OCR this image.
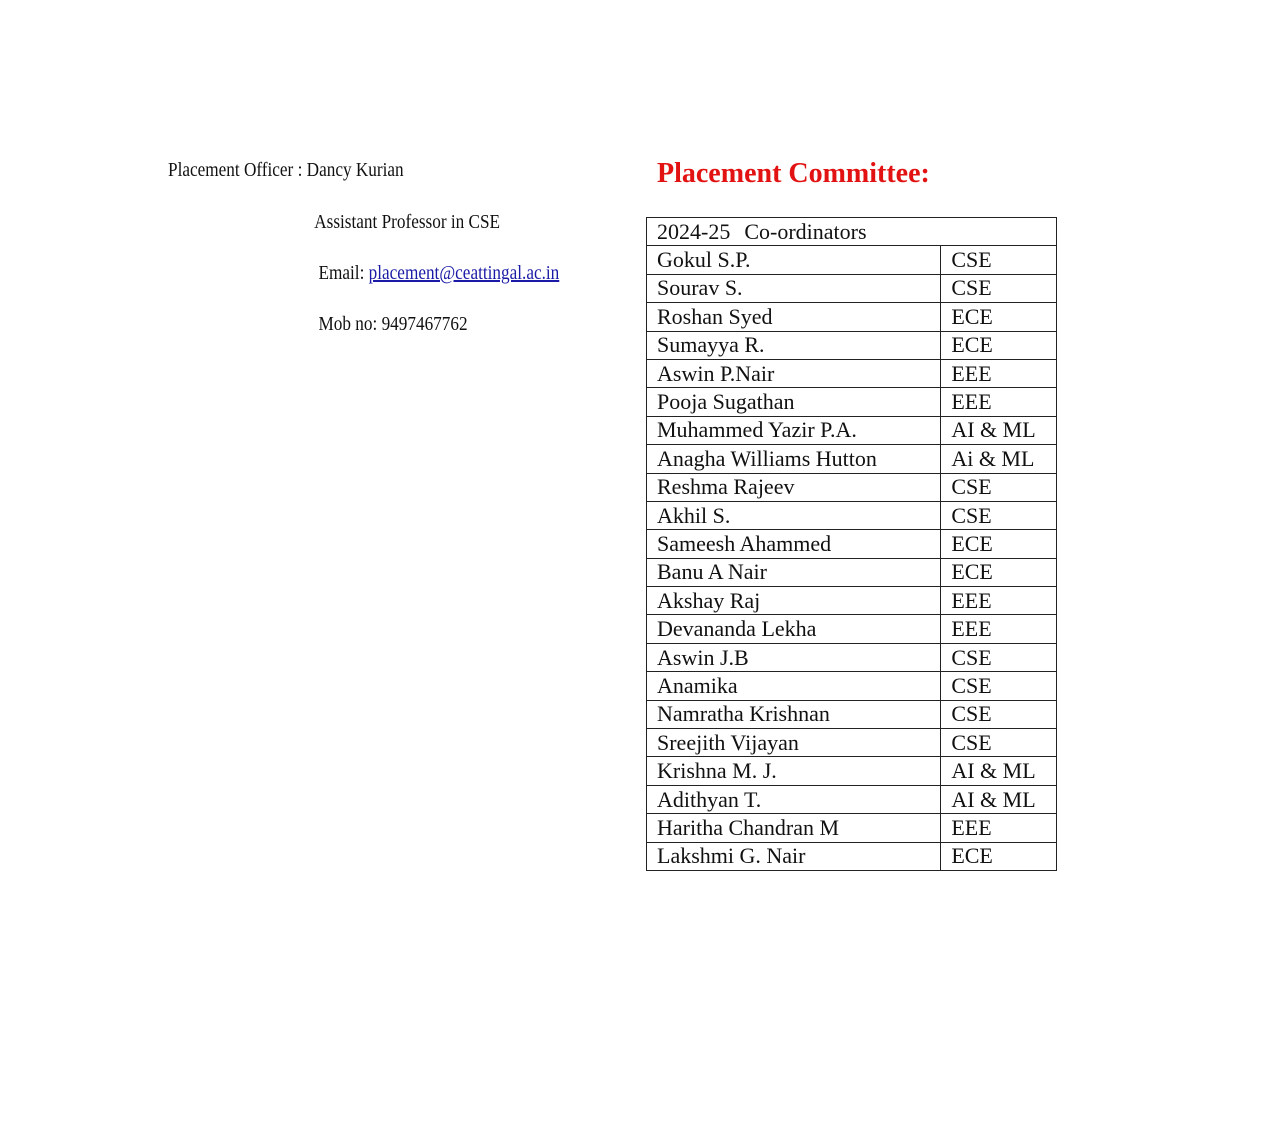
Placement Officer : Dancy Kurian
Assistant Professor in CSE
Email: placement@ceattingal.ac.in
Mob no: 9497467762
Placement Committee:
2024-25 Co-ordinators	
Gokul S.P.	CSE
Sourav S.	CSE
Roshan Syed	ECE
Sumayya R.	ECE
Aswin P.Nair	EEE
Pooja Sugathan	EEE
Muhammed Yazir P.A.	AI & ML
Anagha Williams Hutton	Ai & ML
Reshma Rajeev	CSE
Akhil S.	CSE
Sameesh Ahammed	ECE
Banu A Nair	ECE
Akshay Raj	EEE
Devananda Lekha	EEE
Aswin J.B	CSE
Anamika	CSE
Namratha Krishnan	CSE
Sreejith Vijayan	CSE
Krishna M. J.	AI & ML
Adithyan T.	AI & ML
Haritha Chandran M	EEE
Lakshmi G. Nair	ECE
